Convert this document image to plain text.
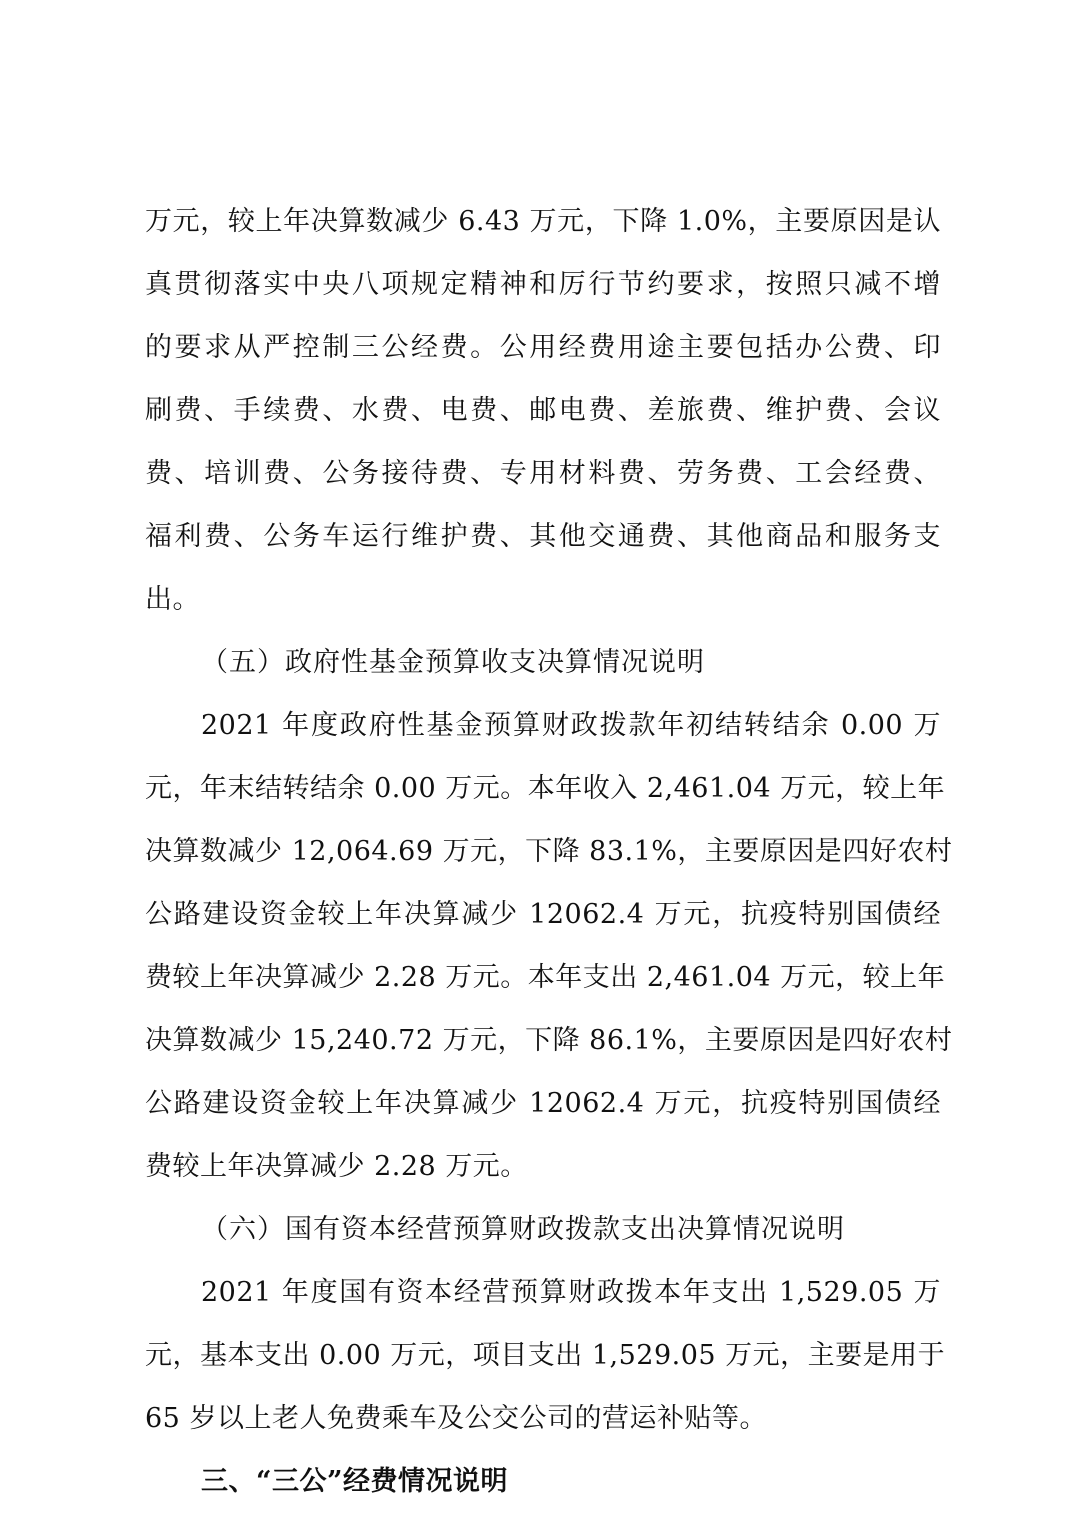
万元，较上年决算数减少 6.43 万元，下降 1.0%，主要原因是认
真贯彻落实中央八项规定精神和厉行节约要求，按照只减不增
的要求从严控制三公经费。公用经费用途主要包括办公费、印
刷费、手续费、水费、电费、邮电费、差旅费、维护费、会议
费、培训费、公务接待费、专用材料费、劳务费、工会经费、
福利费、公务车运行维护费、其他交通费、其他商品和服务支
出。
（五）政府性基金预算收支决算情况说明
2021 年度政府性基金预算财政拨款年初结转结余 0.00 万
元，年末结转结余 0.00 万元。本年收入 2,461.04 万元，较上年
决算数减少 12,064.69 万元，下降 83.1%，主要原因是四好农村
公路建设资金较上年决算减少 12062.4 万元，抗疫特别国债经
费较上年决算减少 2.28 万元。本年支出 2,461.04 万元，较上年
决算数减少 15,240.72 万元，下降 86.1%，主要原因是四好农村
公路建设资金较上年决算减少 12062.4 万元，抗疫特别国债经
费较上年决算减少 2.28 万元。
（六）国有资本经营预算财政拨款支出决算情况说明
2021 年度国有资本经营预算财政拨本年支出 1,529.05 万
元，基本支出 0.00 万元，项目支出 1,529.05 万元，主要是用于
65 岁以上老人免费乘车及公交公司的营运补贴等。
三、“三公”经费情况说明
